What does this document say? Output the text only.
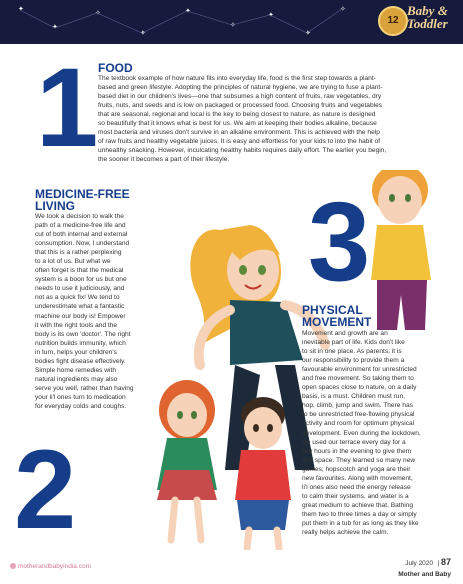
✦
✦
✧
✦
✦
✧
✦
✦
✧
12
Baby & Toddler
1 FOOD
The textbook example of how nature fits into everyday life, food is the first step towards a plant-
based and green lifestyle. Adopting the principles of natural hygiene, we are trying to fuse a plant-
based diet in our children's lives—one that subsumes a high content of fruits, raw vegetables, dry
fruits, nuts, and seeds and is low on packaged or processed food. Choosing fruits and vegetables
that are seasonal, regional and local is the key to being closest to nature, as nature is designed
so beautifully that it knows what is best for us. We aim at keeping their bodies alkaline, because
most bacteria and viruses don't survive in an alkaline environment. This is achieved with the help
of raw fruits and healthy vegetable juices. It is easy and effortless for your kids to into the habit of
unhealthy snacking. However, inculcating healthy habits requires daily effort. The earlier you begin,
the sooner it becomes a part of their lifestyle.
MEDICINE-FREE
LIVING
We took a decision to walk the
path of a medicine-free life and
cut of both internal and external
consumption. Now, I understand
that this is a rather perplexing
to a lot of us. But what we
often forget is that the medical
system is a boon for us but one
needs to use it judiciously, and
not as a quick fix! We tend to
underestimate what a fantastic
machine our body is! Empower
it with the right tools and the
body is its own 'doctor'. The right
nutrition builds immunity, which
in turn, helps your children's
bodies fight disease effectively.
Simple home remedies with
natural ingredients may also
serve you well, rather than having
your li'l ones turn to medication
for everyday colds and coughs.
2
3
PHYSICAL
MOVEMENT
Movement and growth are an
inevitable part of life. Kids don't like
to sit in one place. As parents, it is
our responsibility to provide them a
favourable environment for unrestricted
and free movement. So taking them to
open spaces close to nature, on a daily
basis, is a must. Children must run,
hop, climb, jump and swim. There has
to be unrestricted free-flowing physical
activity and room for optimum physical
development. Even during the lockdown,
we used our terrace every day for a
few hours in the evening to give them
that space. They learned so many new
games; hopscotch and yoga are their
new favourites. Along with movement,
li'l ones also need the energy release
to calm their systems, and water is a
great medium to achieve that. Bathing
them two to three times a day or simply
put them in a tub for as long as they like
really helps achieve the calm.
motherandbabyindia.com	July 2020 | 87
Mother and Baby
